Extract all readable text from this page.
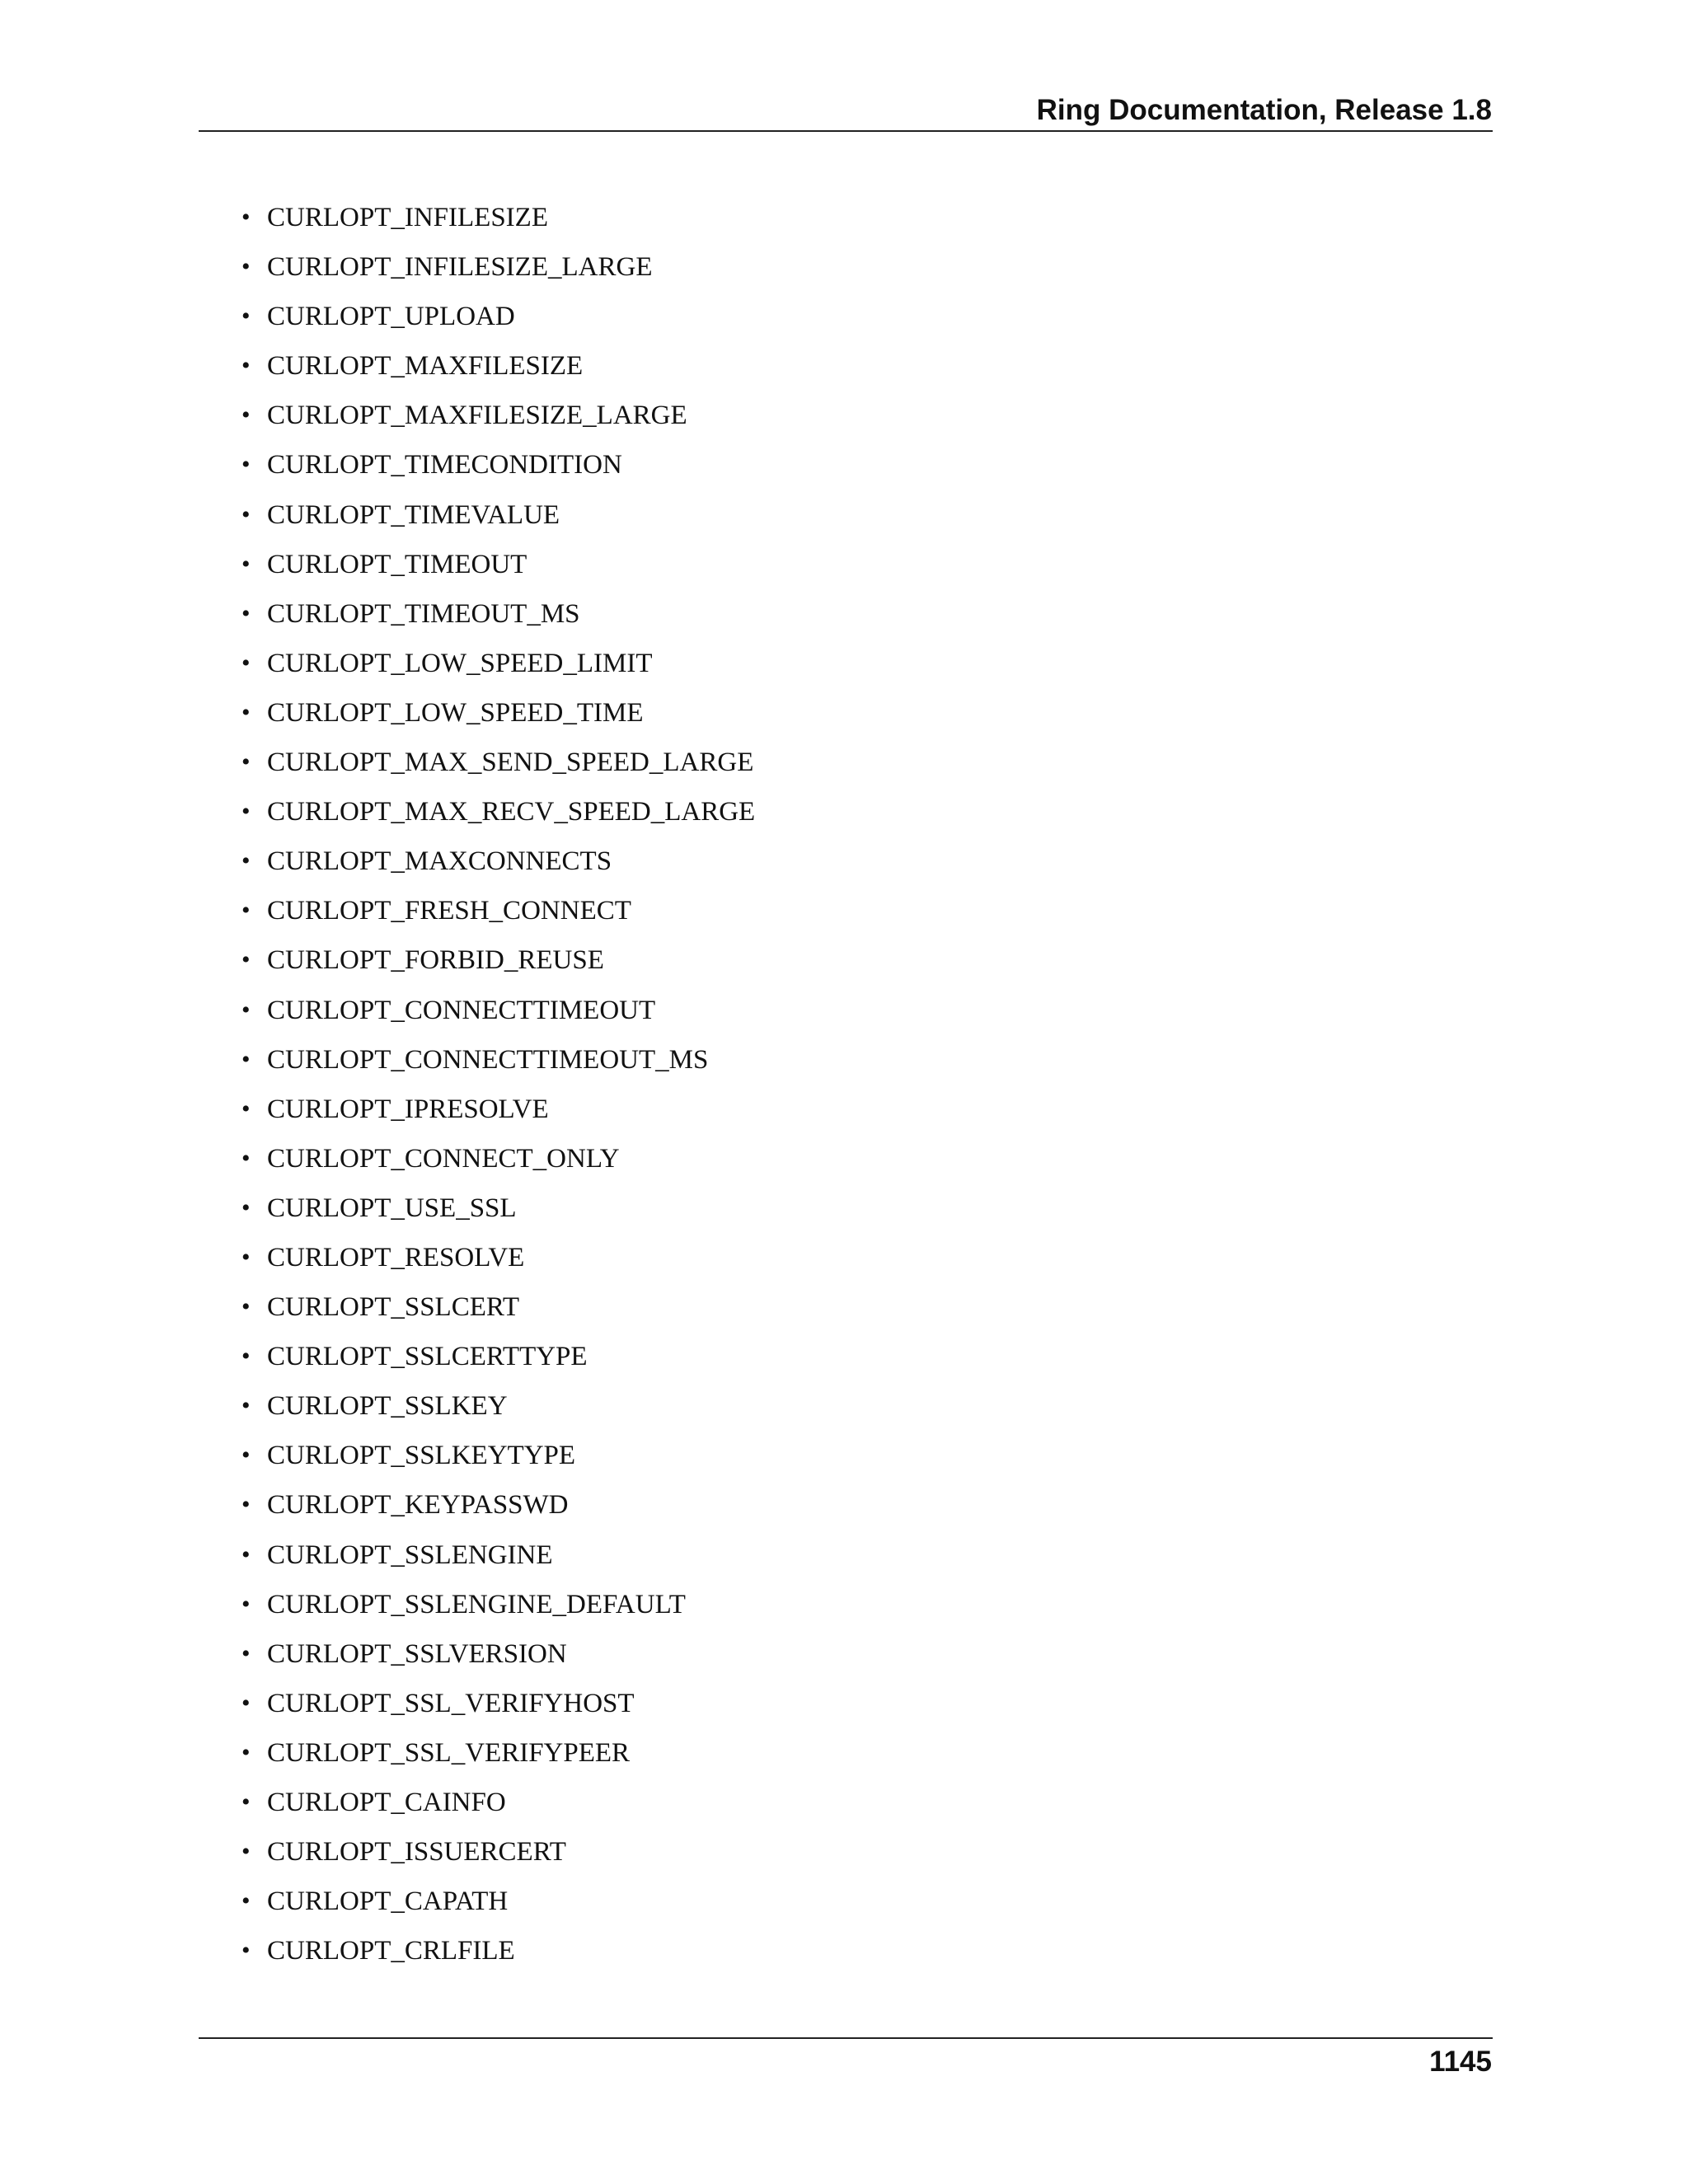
Ring Documentation, Release 1.8
• CURLOPT_INFILESIZE
• CURLOPT_INFILESIZE_LARGE
• CURLOPT_UPLOAD
• CURLOPT_MAXFILESIZE
• CURLOPT_MAXFILESIZE_LARGE
• CURLOPT_TIMECONDITION
• CURLOPT_TIMEVALUE
• CURLOPT_TIMEOUT
• CURLOPT_TIMEOUT_MS
• CURLOPT_LOW_SPEED_LIMIT
• CURLOPT_LOW_SPEED_TIME
• CURLOPT_MAX_SEND_SPEED_LARGE
• CURLOPT_MAX_RECV_SPEED_LARGE
• CURLOPT_MAXCONNECTS
• CURLOPT_FRESH_CONNECT
• CURLOPT_FORBID_REUSE
• CURLOPT_CONNECTTIMEOUT
• CURLOPT_CONNECTTIMEOUT_MS
• CURLOPT_IPRESOLVE
• CURLOPT_CONNECT_ONLY
• CURLOPT_USE_SSL
• CURLOPT_RESOLVE
• CURLOPT_SSLCERT
• CURLOPT_SSLCERTTYPE
• CURLOPT_SSLKEY
• CURLOPT_SSLKEYTYPE
• CURLOPT_KEYPASSWD
• CURLOPT_SSLENGINE
• CURLOPT_SSLENGINE_DEFAULT
• CURLOPT_SSLVERSION
• CURLOPT_SSL_VERIFYHOST
• CURLOPT_SSL_VERIFYPEER
• CURLOPT_CAINFO
• CURLOPT_ISSUERCERT
• CURLOPT_CAPATH
• CURLOPT_CRLFILE
1145
